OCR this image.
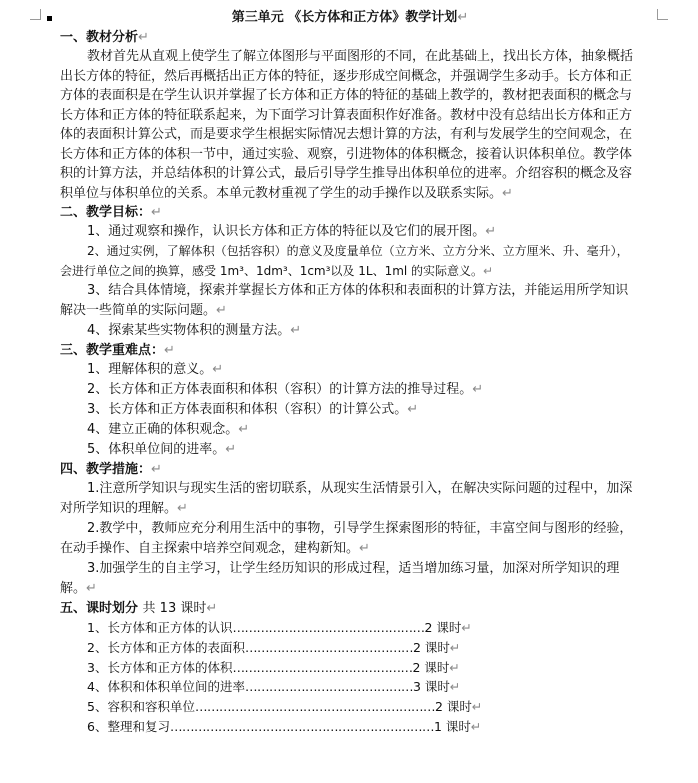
第三单元 《长方体和正方体》教学计划↵
一、教材分析↵

教材首先从直观上使学生了解立体图形与平面图形的不同，在此基础上，找出长方体，抽象概括出长方体的特征，然后再概括出正方体的特征，逐步形成空间概念，并强调学生多动手。长方体和正方体的表面积是在学生认识并掌握了长方体和正方体的特征的基础上教学的，教材把表面积的概念与长方体和正方体的特征联系起来，为下面学习计算表面积作好准备。教材中没有总结出长方体和正方体的表面积计算公式，而是要求学生根据实际情况去想计算的方法，有利与发展学生的空间观念，在长方体和正方体的体积一节中，通过实验、观察，引进物体的体积概念，接着认识体积单位。教学体积的计算方法，并总结体积的计算公式，最后引导学生推导出体积单位的进率。介绍容积的概念及容积单位与体积单位的关系。本单元教材重视了学生的动手操作以及联系实际。↵

二、教学目标：↵

1、通过观察和操作，认识长方体和正方体的特征以及它们的展开图。↵

2、通过实例，了解体积（包括容积）的意义及度量单位（立方米、立方分米、立方厘米、升、毫升），会进行单位之间的换算，感受 1m³、1dm³、1cm³以及 1L、1ml 的实际意义。↵

3、结合具体情境，探索并掌握长方体和正方体的体积和表面积的计算方法，并能运用所学知识解决一些简单的实际问题。↵

4、探索某些实物体积的测量方法。↵

三、教学重难点：↵

1、理解体积的意义。↵

2、长方体和正方体表面积和体积（容积）的计算方法的推导过程。↵

3、长方体和正方体表面积和体积（容积）的计算公式。↵

4、建立正确的体积观念。↵

5、体积单位间的进率。↵

四、教学措施：↵

1.注意所学知识与现实生活的密切联系，从现实生活情景引入，在解决实际问题的过程中，加深对所学知识的理解。↵

2.教学中，教师应充分利用生活中的事物，引导学生探索图形的特征，丰富空间与图形的经验，在动手操作、自主探索中培养空间观念，建构新知。↵

3.加强学生的自主学习，让学生经历知识的形成过程，适当增加练习量，加深对所学知识的理解。↵

五、课时划分 共 13 课时↵

1、长方体和正方体的认识…………………………………………2 课时↵

2、长方体和正方体的表面积……………………………………2 课时↵

3、长方体和正方体的体积………………………………………2 课时↵

4、体积和体积单位间的进率……………………………………3 课时↵

5、容积和容积单位……………………………………………………2 课时↵

6、整理和复习…………………………………………………………1 课时↵
